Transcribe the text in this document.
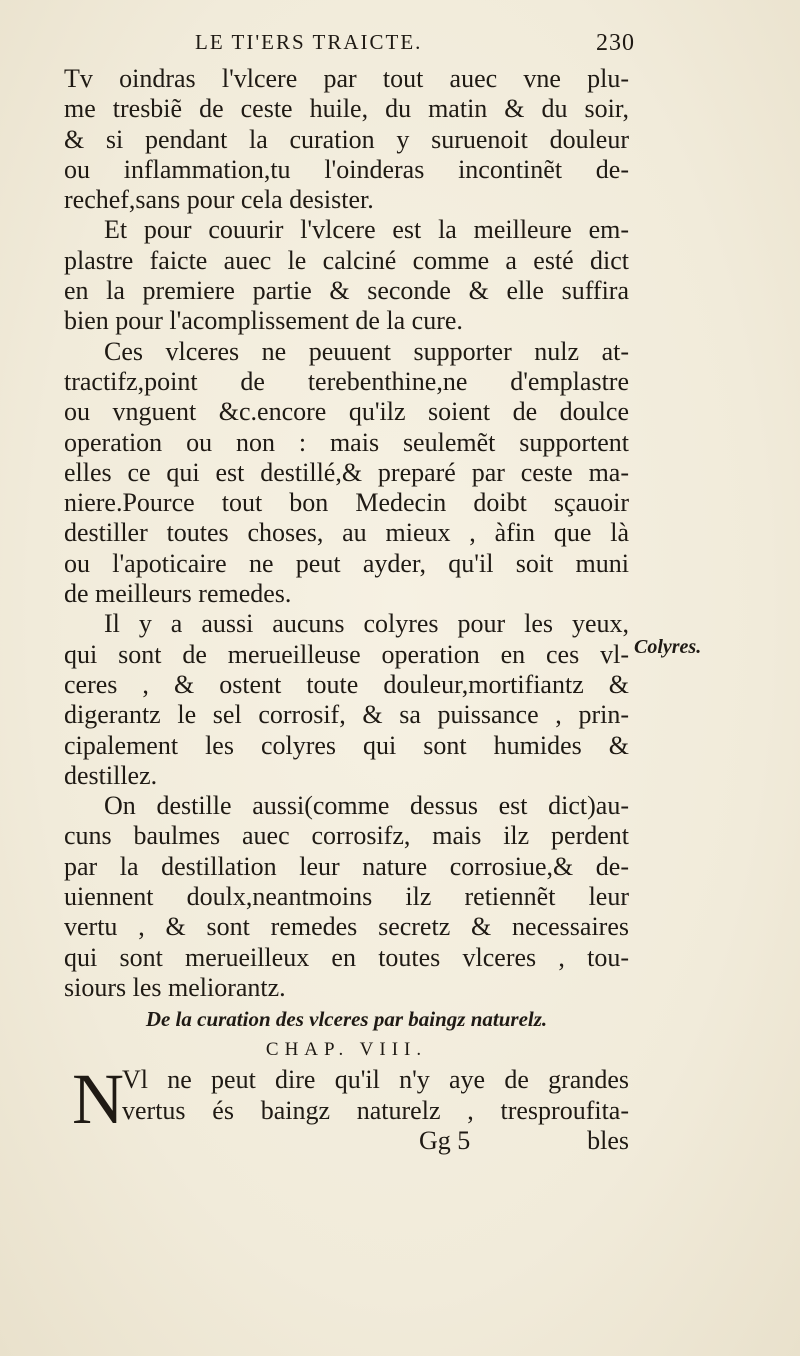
LE TI'ERS TRAICTE.	230
Tv oindras l'vlcere par tout auec vne plu-
me tresbiẽ de ceste huile, du matin & du soir,
& si pendant la curation y suruenoit douleur
ou inflammation,tu l'oinderas incontinẽt de-
rechef,sans pour cela desister.
Et pour couurir l'vlcere est la meilleure em-
plastre faicte auec le calciné comme a esté dict
en la premiere partie & seconde & elle suffira
bien pour l'acomplissement de la cure.
Ces vlceres ne peuuent supporter nulz at-
tractifz,point de terebenthine,ne d'emplastre
ou vnguent &c.encore qu'ilz soient de doulce
operation ou non : mais seulemẽt supportent
elles ce qui est destillé,& preparé par ceste ma-
niere.Pource tout bon Medecin doibt sçauoir
destiller toutes choses, au mieux , àfin que là
ou l'apoticaire ne peut ayder, qu'il soit muni
de meilleurs remedes.
Il y a aussi aucuns colyres pour les yeux,
qui sont de merueilleuse operation en ces vl-
ceres , & ostent toute douleur,mortifiantz &
digerantz le sel corrosif, & sa puissance , prin-
cipalement les colyres qui sont humides &
destillez.
On destille aussi(comme dessus est dict)au-
cuns baulmes auec corrosifz, mais ilz perdent
par la destillation leur nature corrosiue,& de-
uiennent doulx,neantmoins ilz retiennẽt leur
vertu , & sont remedes secretz & necessaires
qui sont merueilleux en toutes vlceres , tou-
siours les meliorantz.
De la curation des vlceres par baingz naturelz.
CHAP. VIII.
N
Vl ne peut dire qu'il n'y aye de grandes
vertus és baingz naturelz , tresproufita-
Gg 5	bles
Colyres.
